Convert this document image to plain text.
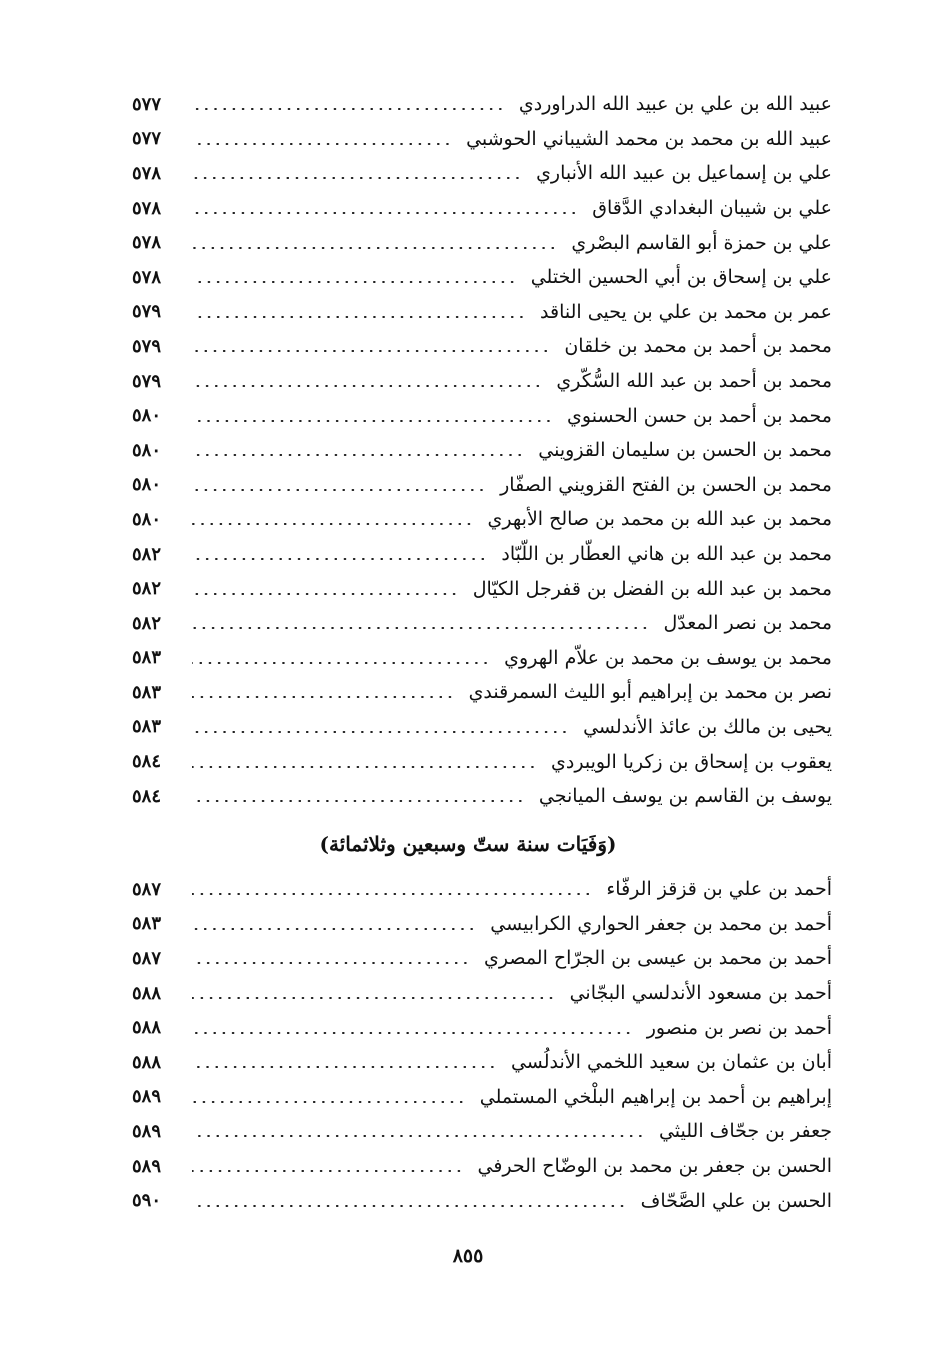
٥٧٧	عبيد الله بن علي بن عبيد الله الدراوردي
٥٧٧	عبيد الله بن محمد بن محمد الشيباني الحوشبي
٥٧٨	علي بن إسماعيل بن عبيد الله الأنباري
٥٧٨	علي بن شيبان البغدادي الدَّقاق
٥٧٨	علي بن حمزة أبو القاسم البصْري
٥٧٨	علي بن إسحاق بن أبي الحسين الختلي
٥٧٩	عمر بن محمد بن علي بن يحيى الناقد
٥٧٩	محمد بن أحمد بن محمد بن خلقان
٥٧٩	محمد بن أحمد بن عبد الله السُّكّري
٥٨٠	محمد بن أحمد بن حسن الحسنوي
٥٨٠	محمد بن الحسن بن سليمان القزويني
٥٨٠	محمد بن الحسن بن الفتح القزويني الصفّار
٥٨٠	محمد بن عبد الله بن محمد بن صالح الأبهري
٥٨٢	محمد بن عبد الله بن هاني العطّار بن اللّبّاد
٥٨٢	محمد بن عبد الله بن الفضل بن قفرجل الكيّال
٥٨٢	محمد بن نصر المعدّل
٥٨٣	محمد بن يوسف بن محمد بن علاّم الهروي
٥٨٣	نصر بن محمد بن إبراهيم أبو الليث السمرقندي
٥٨٣	يحيى بن مالك بن عائذ الأندلسي
٥٨٤	يعقوب بن إسحاق بن زكريا الويبردي
٥٨٤	يوسف بن القاسم بن يوسف الميانجي
(وَفَيَات سنة ستّ وسبعين وثلاثمائة)
٥٨٧	أحمد بن علي بن قزقز الرفّاء
٥٨٣	أحمد بن محمد بن جعفر الحواري الكرابيسي
٥٨٧	أحمد بن محمد بن عيسى بن الجرّاح المصري
٥٨٨	أحمد بن مسعود الأندلسي البجّاني
٥٨٨	أحمد بن نصر بن منصور
٥٨٨	أبان بن عثمان بن سعيد اللخمي الأندلُسي
٥٨٩	إبراهيم بن أحمد بن إبراهيم البلْخي المستملي
٥٨٩	جعفر بن جحّاف الليثي
٥٨٩	الحسن بن جعفر بن محمد بن الوضّاح الحرفي
٥٩٠	الحسن بن علي الصَّحّاف
٨٥٥
